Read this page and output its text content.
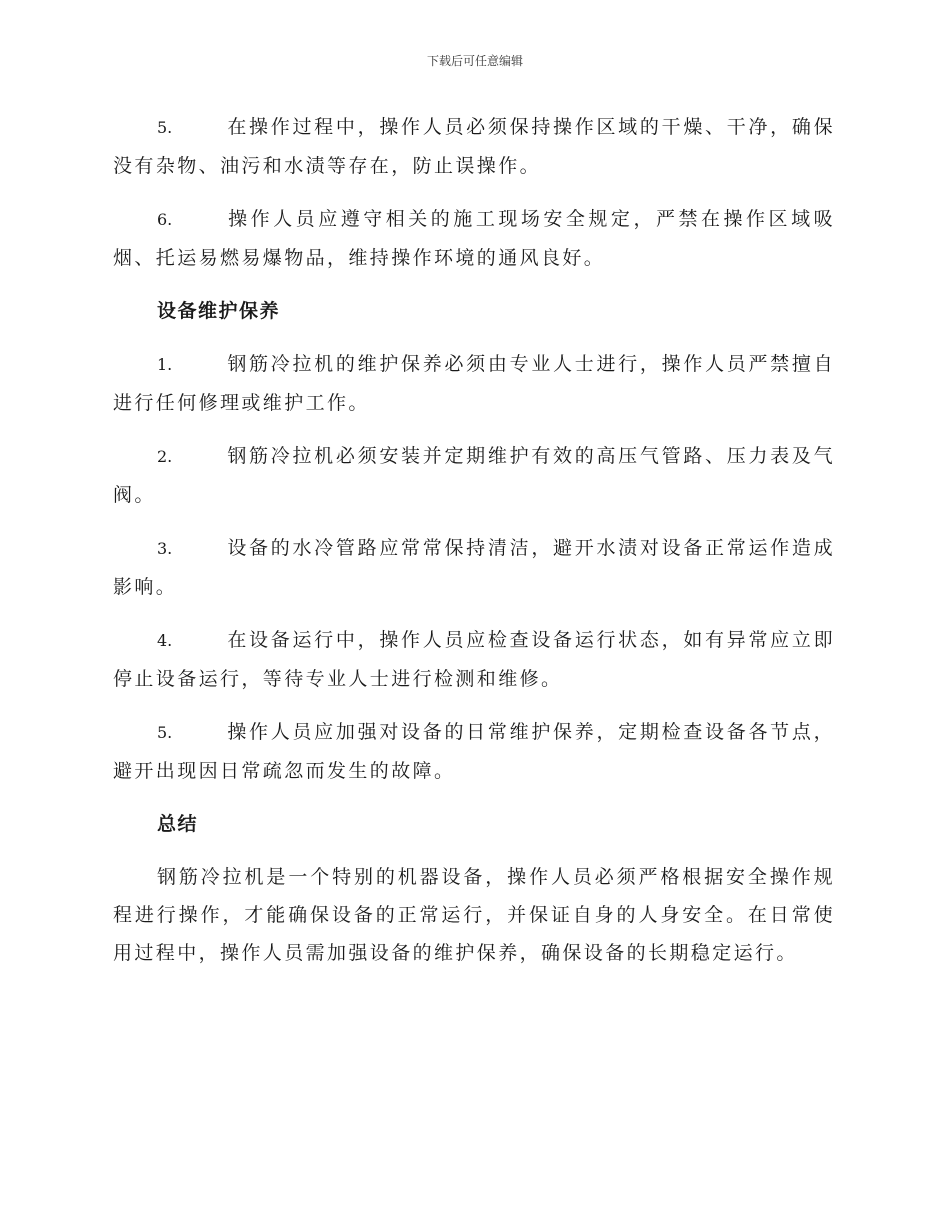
下载后可任意编辑

5.	在操作过程中，操作人员必须保持操作区域的干燥、干净，确保没有杂物、油污和水渍等存在，防止误操作。

6.	操作人员应遵守相关的施工现场安全规定，严禁在操作区域吸烟、托运易燃易爆物品，维持操作环境的通风良好。

设备维护保养

1.	钢筋冷拉机的维护保养必须由专业人士进行，操作人员严禁擅自进行任何修理或维护工作。

2.	钢筋冷拉机必须安装并定期维护有效的高压气管路、压力表及气阀。

3.	设备的水冷管路应常常保持清洁，避开水渍对设备正常运作造成影响。

4.	在设备运行中，操作人员应检查设备运行状态，如有异常应立即停止设备运行，等待专业人士进行检测和维修。

5.	操作人员应加强对设备的日常维护保养，定期检查设备各节点，避开出现因日常疏忽而发生的故障。

总结

钢筋冷拉机是一个特别的机器设备，操作人员必须严格根据安全操作规程进行操作，才能确保设备的正常运行，并保证自身的人身安全。在日常使用过程中，操作人员需加强设备的维护保养，确保设备的长期稳定运行。
